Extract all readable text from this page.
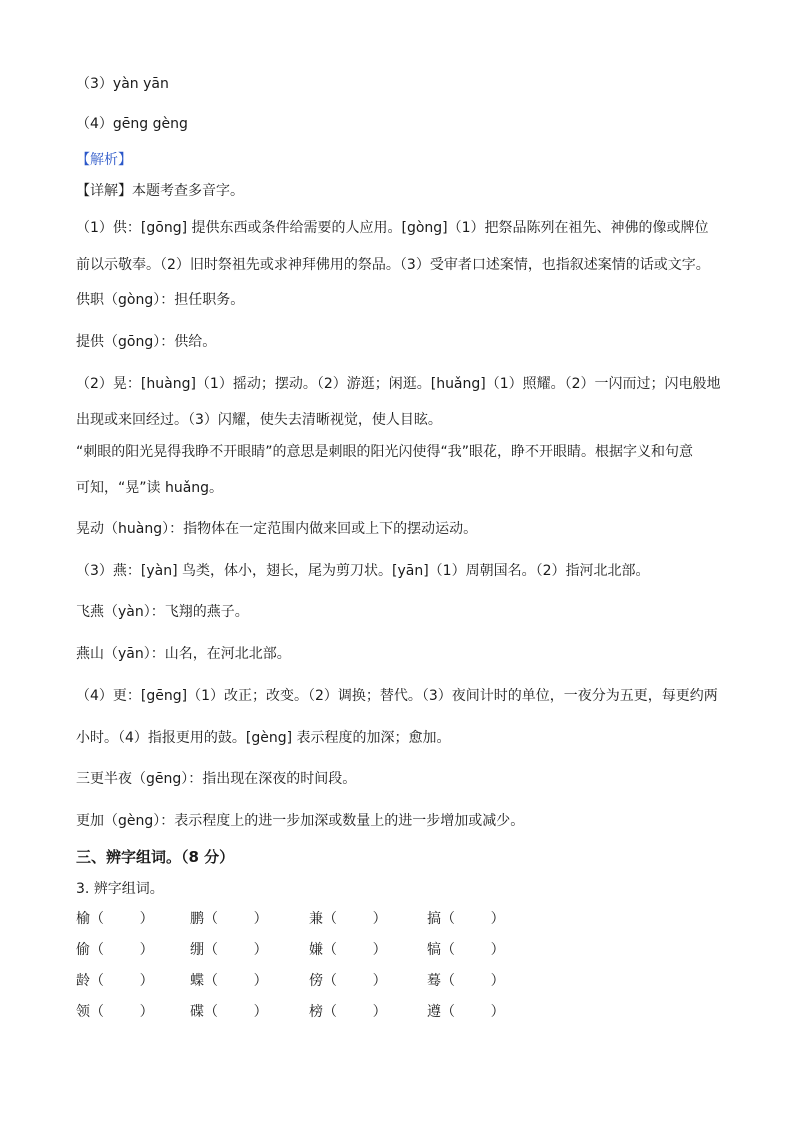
（3）yàn yān
（4）gēng gèng
【解析】
【详解】本题考查多音字。
（1）供：[gōng] 提供东西或条件给需要的人应用。[gòng]（1）把祭品陈列在祖先、神佛的像或牌位
前以示敬奉。（2）旧时祭祖先或求神拜佛用的祭品。（3）受审者口述案情，也指叙述案情的话或文字。
供职（gòng）：担任职务。
提供（gōng）：供给。
（2）晃：[huàng]（1）摇动；摆动。（2）游逛；闲逛。[huǎng]（1）照耀。（2）一闪而过；闪电般地
出现或来回经过。（3）闪耀，使失去清晰视觉，使人目眩。
“刺眼的阳光晃得我睁不开眼睛”的意思是刺眼的阳光闪使得“我”眼花，睁不开眼睛。根据字义和句意
可知，“晃”读 huǎng。
晃动（huàng）：指物体在一定范围内做来回或上下的摆动运动。
（3）燕：[yàn] 鸟类，体小，翅长，尾为剪刀状。[yān]（1）周朝国名。（2）指河北北部。
飞燕（yàn）：飞翔的燕子。
燕山（yān）：山名，在河北北部。
（4）更：[gēng]（1）改正；改变。（2）调换；替代。（3）夜间计时的单位，一夜分为五更，每更约两
小时。（4）指报更用的鼓。[gèng] 表示程度的加深；愈加。
三更半夜（gēng）：指出现在深夜的时间段。
更加（gèng）：表示程度上的进一步加深或数量上的进一步增加或减少。
三、辨字组词。（8 分）
3. 辨字组词。
榆（        ）	鹏（        ）	兼（        ）	搞（        ）
偷（        ）	绷（        ）	嫌（        ）	犒（        ）
龄（        ）	蝶（        ）	傍（        ）	蓦（        ）
领（        ）	碟（        ）	榜（        ）	遵（        ）
